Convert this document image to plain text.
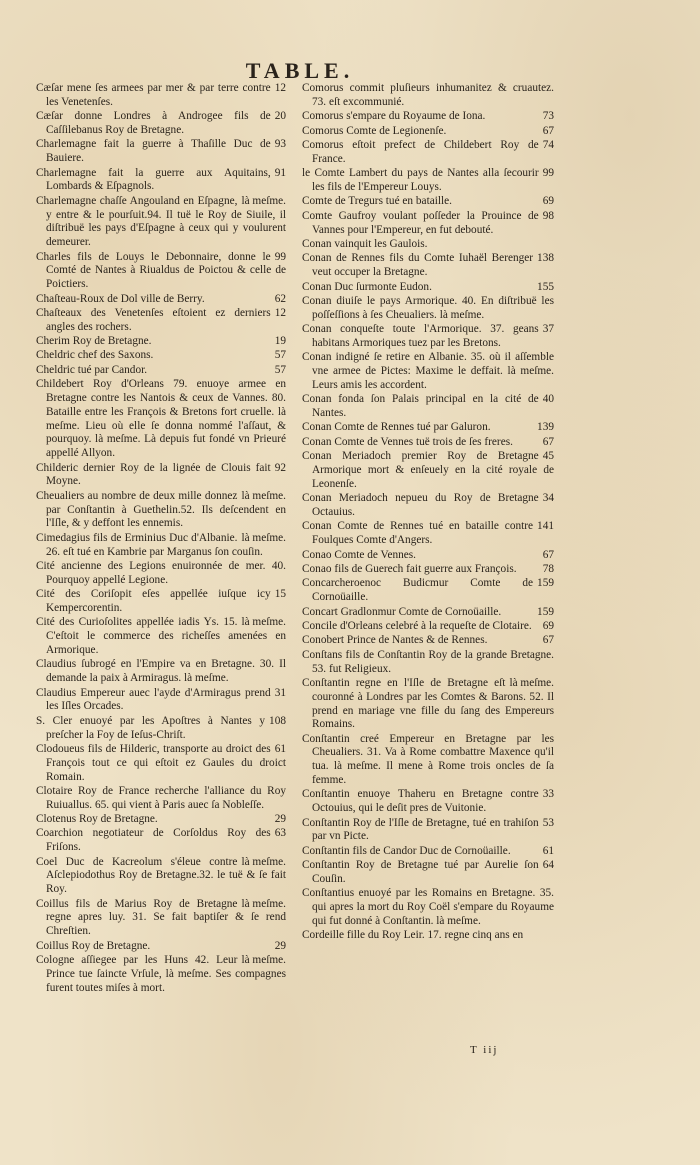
TABLE.

12
Cæſar mene ſes armees par mer & par terre contre les Venetenſes.

20
Cæſar donne Londres à Androgee fils de Caſſilebanus Roy de Bretagne.

93
Charlemagne fait la guerre à Thaſille Duc de Bauiere.

91
Charlemagne fait la guerre aux Aquitains, Lombards & Eſpagnols.

là meſme.
Charlemagne chaſſe Angouland en Eſpagne, y entre & le pourſuit.94. Il tuë le Roy de Siuile, il diſtribuë les pays d'Eſpagne à ceux qui y voulurent demeurer.

99
Charles fils de Louys le Debonnaire, donne le Comté de Nantes à Riualdus de Poictou & celle de Poictiers.

62
Chaſteau-Roux de Dol ville de Berry.

12
Chaſteaux des Venetenſes eſtoient ez derniers angles des rochers.

19
Cherim Roy de Bretagne.

57
Cheldric chef des Saxons.

57
Cheldric tué par Candor.

Childebert Roy d'Orleans 79. enuoye armee en Bretagne contre les Nantois & ceux de Vannes. 80. Bataille entre les François & Bretons fort cruelle. là meſme. Lieu où elle ſe donna nommé l'aſſaut, & pourquoy. là meſme. Là depuis fut fondé vn Prieuré appellé Allyon.

92
Childeric dernier Roy de la lignée de Clouis fait Moyne.

là meſme.
Cheualiers au nombre de deux mille donnez par Conſtantin à Guethelin.52. Ils deſcendent en l'Iſle, & y deffont les ennemis.

là meſme.
Cimedagius fils de Erminius Duc d'Albanie. 26. eſt tué en Kambrie par Marganus ſon couſin.

Cité ancienne des Legions enuironnée de mer. 40. Pourquoy appellé Legione.

15
Cité des Coriſopit eſes appellée iuſque icy Kempercorentin.

là meſme.
Cité des Curioſolites appellée iadis Ys. 15. C'eſtoit le commerce des richeſſes amenées en Armorique.

Claudius ſubrogé en l'Empire va en Bretagne. 30. Il demande la paix à Armiragus. là meſme.

31
Claudius Empereur auec l'ayde d'Armiragus prend les Iſles Orcades.

108
S. Cler enuoyé par les Apoſtres à Nantes y preſcher la Foy de Ieſus-Chriſt.

61
Clodoueus fils de Hilderic, transporte au droict des François tout ce qui eſtoit ez Gaules du droict Romain.

Clotaire Roy de France recherche l'alliance du Roy Ruiuallus. 65. qui vient à Paris auec ſa Nobleſſe.

29
Clotenus Roy de Bretagne.

63
Coarchion negotiateur de Corſoldus Roy des Friſons.

là meſme.
Coel Duc de Kacreolum s'éleue contre Aſclepiodothus Roy de Bretagne.32. le tuë & ſe fait Roy.

là meſme.
Coillus fils de Marius Roy de Bretagne regne apres luy. 31. Se fait baptiſer & ſe rend Chreſtien.

29
Coillus Roy de Bretagne.

là meſme.
Cologne aſſiegee par les Huns 42. Leur Prince tue ſaincte Vrſule, là meſme. Ses compagnes furent toutes miſes à mort.

Comorus commit pluſieurs inhumanitez & cruautez. 73. eſt excommunié.

73
Comorus s'empare du Royaume de Iona.

67
Comorus Comte de Legionenſe.

74
Comorus eſtoit prefect de Childebert Roy de France.

99
le Comte Lambert du pays de Nantes alla ſecourir les fils de l'Empereur Louys.

69
Comte de Tregurs tué en bataille.

98
Comte Gaufroy voulant poſſeder la Prouince de Vannes pour l'Empereur, en fut debouté.

Conan vainquit les Gaulois.

138
Conan de Rennes fils du Comte Iuhaël Berenger veut occuper la Bretagne.

155
Conan Duc ſurmonte Eudon.

Conan diuiſe le pays Armorique. 40. En diſtribuë les poſſeſſions à ſes Cheualiers. là meſme.

37
Conan conqueſte toute l'Armorique. 37. geans habitans Armoriques tuez par les Bretons.

Conan indigné ſe retire en Albanie. 35. où il aſſemble vne armee de Pictes: Maxime le deffait. là meſme. Leurs amis les accordent.

40
Conan fonda ſon Palais principal en la cité de Nantes.

139
Conan Comte de Rennes tué par Galuron.

67
Conan Comte de Vennes tuë trois de ſes freres.

45
Conan Meriadoch premier Roy de Bretagne Armorique mort & enſeuely en la cité royale de Leonenſe.

34
Conan Meriadoch nepueu du Roy de Bretagne Octauius.

141
Conan Comte de Rennes tué en bataille contre Foulques Comte d'Angers.

67
Conao Comte de Vennes.

78
Conao fils de Guerech fait guerre aux François.

159
Concarcheroenoc Budicmur Comte de Cornoüaille.

159
Concart Gradlonmur Comte de Cornoüaille.

69
Concile d'Orleans celebré à la requeſte de Clotaire.

67
Conobert Prince de Nantes & de Rennes.

Conſtans fils de Conſtantin Roy de la grande Bretagne. 53. fut Religieux.

là meſme.
Conſtantin regne en l'Iſle de Bretagne eſt couronné à Londres par les Comtes & Barons. 52. Il prend en mariage vne fille du ſang des Empereurs Romains.

Conſtantin creé Empereur en Bretagne par les Cheualiers. 31. Va à Rome combattre Maxence qu'il tua. là meſme. Il mene à Rome trois oncles de ſa femme.

33
Conſtantin enuoye Thaheru en Bretagne contre Octouius, qui le deſit pres de Vuitonie.

53
Conſtantin Roy de l'Iſle de Bretagne, tué en trahiſon par vn Picte.

61
Conſtantin fils de Candor Duc de Cornoüaille.

64
Conſtantin Roy de Bretagne tué par Aurelie ſon Couſin.

Conſtantius enuoyé par les Romains en Bretagne. 35. qui apres la mort du Roy Coël s'empare du Royaume qui fut donné à Conſtantin. là meſme.

Cordeille fille du Roy Leir. 17. regne cinq ans en

T iij
